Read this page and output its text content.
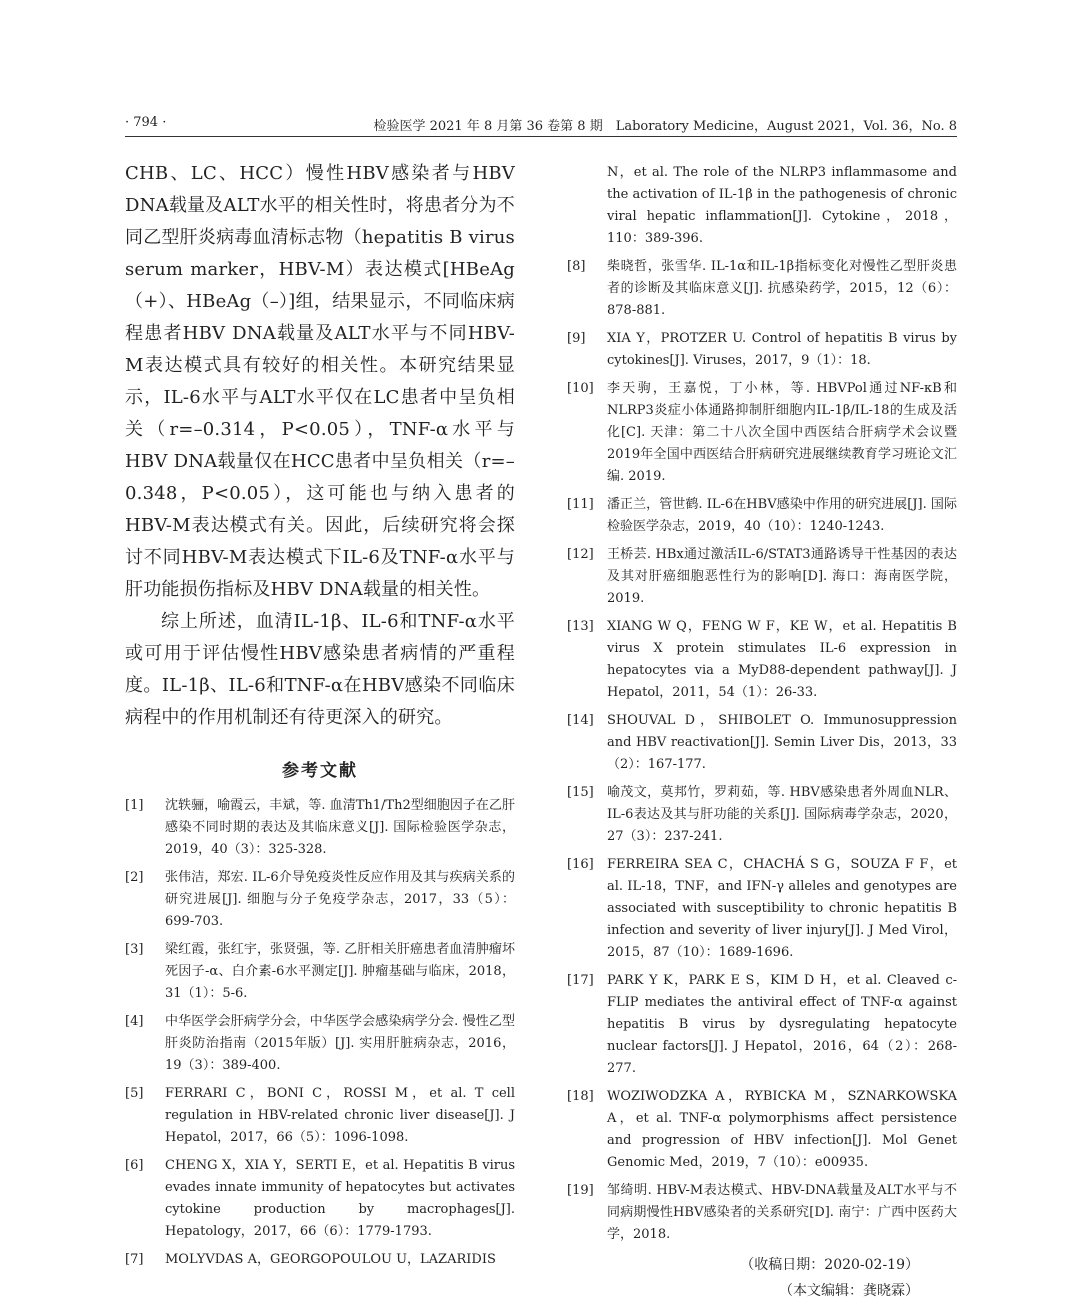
· 794 ·	检验医学 2021 年 8 月第 36 卷第 8 期　Laboratory Medicine，August 2021，Vol. 36，No. 8

CHB、LC、HCC）慢性HBV感染者与HBV DNA载量及ALT水平的相关性时，将患者分为不同乙型肝炎病毒血清标志物（hepatitis B virus serum marker，HBV-M）表达模式[HBeAg（+）、HBeAg（–）]组，结果显示，不同临床病程患者HBV DNA载量及ALT水平与不同HBV-M表达模式具有较好的相关性。本研究结果显示，IL-6水平与ALT水平仅在LC患者中呈负相关（r=–0.314，P<0.05），TNF-α水平与HBV DNA载量仅在HCC患者中呈负相关（r=–0.348，P<0.05），这可能也与纳入患者的HBV-M表达模式有关。因此，后续研究将会探讨不同HBV-M表达模式下IL-6及TNF-α水平与肝功能损伤指标及HBV DNA载量的相关性。

综上所述，血清IL-1β、IL-6和TNF-α水平或可用于评估慢性HBV感染患者病情的严重程度。IL-1β、IL-6和TNF-α在HBV感染不同临床病程中的作用机制还有待更深入的研究。

参考文献
[1] 沈轶骊，喻霞云，丰斌，等. 血清Th1/Th2型细胞因子在乙肝感染不同时期的表达及其临床意义[J]. 国际检验医学杂志，2019，40（3）：325-328.
[2] 张伟洁，郑宏. IL-6介导免疫炎性反应作用及其与疾病关系的研究进展[J]. 细胞与分子免疫学杂志，2017，33（5）：699-703.
[3] 梁红霞，张红宇，张贤强，等. 乙肝相关肝癌患者血清肿瘤坏死因子-α、白介素-6水平测定[J]. 肿瘤基础与临床，2018，31（1）：5-6.
[4] 中华医学会肝病学分会，中华医学会感染病学分会. 慢性乙型肝炎防治指南（2015年版）[J]. 实用肝脏病杂志，2016，19（3）：389-400.
[5] FERRARI C，BONI C，ROSSI M，et al. T cell regulation in HBV-related chronic liver disease[J]. J Hepatol，2017，66（5）：1096-1098.
[6] CHENG X，XIA Y，SERTI E，et al. Hepatitis B virus evades innate immunity of hepatocytes but activates cytokine production by macrophages[J]. Hepatology，2017，66（6）：1779-1793.
[7] MOLYVDAS A，GEORGOPOULOU U，LAZARIDIS
N，et al. The role of the NLRP3 inflammasome and the activation of IL-1β in the pathogenesis of chronic viral hepatic inflammation[J]. Cytokine，2018，110：389-396.
[8] 柴晓哲，张雪华. IL-1α和IL-1β指标变化对慢性乙型肝炎患者的诊断及其临床意义[J]. 抗感染药学，2015，12（6）：878-881.
[9] XIA Y，PROTZER U. Control of hepatitis B virus by cytokines[J]. Viruses，2017，9（1）：18.
[10] 李天驹，王嘉悦，丁小林，等. HBVPol通过NF-κB和NLRP3炎症小体通路抑制肝细胞内IL-1β/IL-18的生成及活化[C]. 天津：第二十八次全国中西医结合肝病学术会议暨2019年全国中西医结合肝病研究进展继续教育学习班论文汇编. 2019.
[11] 潘正兰，管世鹤. IL-6在HBV感染中作用的研究进展[J]. 国际检验医学杂志，2019，40（10）：1240-1243.
[12] 王桥芸. HBx通过激活IL-6/STAT3通路诱导干性基因的表达及其对肝癌细胞恶性行为的影响[D]. 海口：海南医学院，2019.
[13] XIANG W Q，FENG W F，KE W，et al. Hepatitis B virus X protein stimulates IL-6 expression in hepatocytes via a MyD88-dependent pathway[J]. J Hepatol，2011，54（1）：26-33.
[14] SHOUVAL D，SHIBOLET O. Immunosuppression and HBV reactivation[J]. Semin Liver Dis，2013，33（2）：167-177.
[15] 喻茂文，莫邦竹，罗莉茹，等. HBV感染患者外周血NLR、IL-6表达及其与肝功能的关系[J]. 国际病毒学杂志，2020，27（3）：237-241.
[16] FERREIRA SEA C，CHACHÁ S G，SOUZA F F，et al. IL-18，TNF，and IFN-γ alleles and genotypes are associated with susceptibility to chronic hepatitis B infection and severity of liver injury[J]. J Med Virol，2015，87（10）：1689-1696.
[17] PARK Y K，PARK E S，KIM D H，et al. Cleaved c-FLIP mediates the antiviral effect of TNF-α against hepatitis B virus by dysregulating hepatocyte nuclear factors[J]. J Hepatol，2016，64（2）：268-277.
[18] WOZIWODZKA A，RYBICKA M，SZNARKOWSKA A，et al. TNF-α polymorphisms affect persistence and progression of HBV infection[J]. Mol Genet Genomic Med，2019，7（10）：e00935.
[19] 邹绮明. HBV-M表达模式、HBV-DNA载量及ALT水平与不同病期慢性HBV感染者的关系研究[D]. 南宁：广西中医药大学，2018.
（收稿日期：2020-02-19）
（本文编辑：龚晓霖）
